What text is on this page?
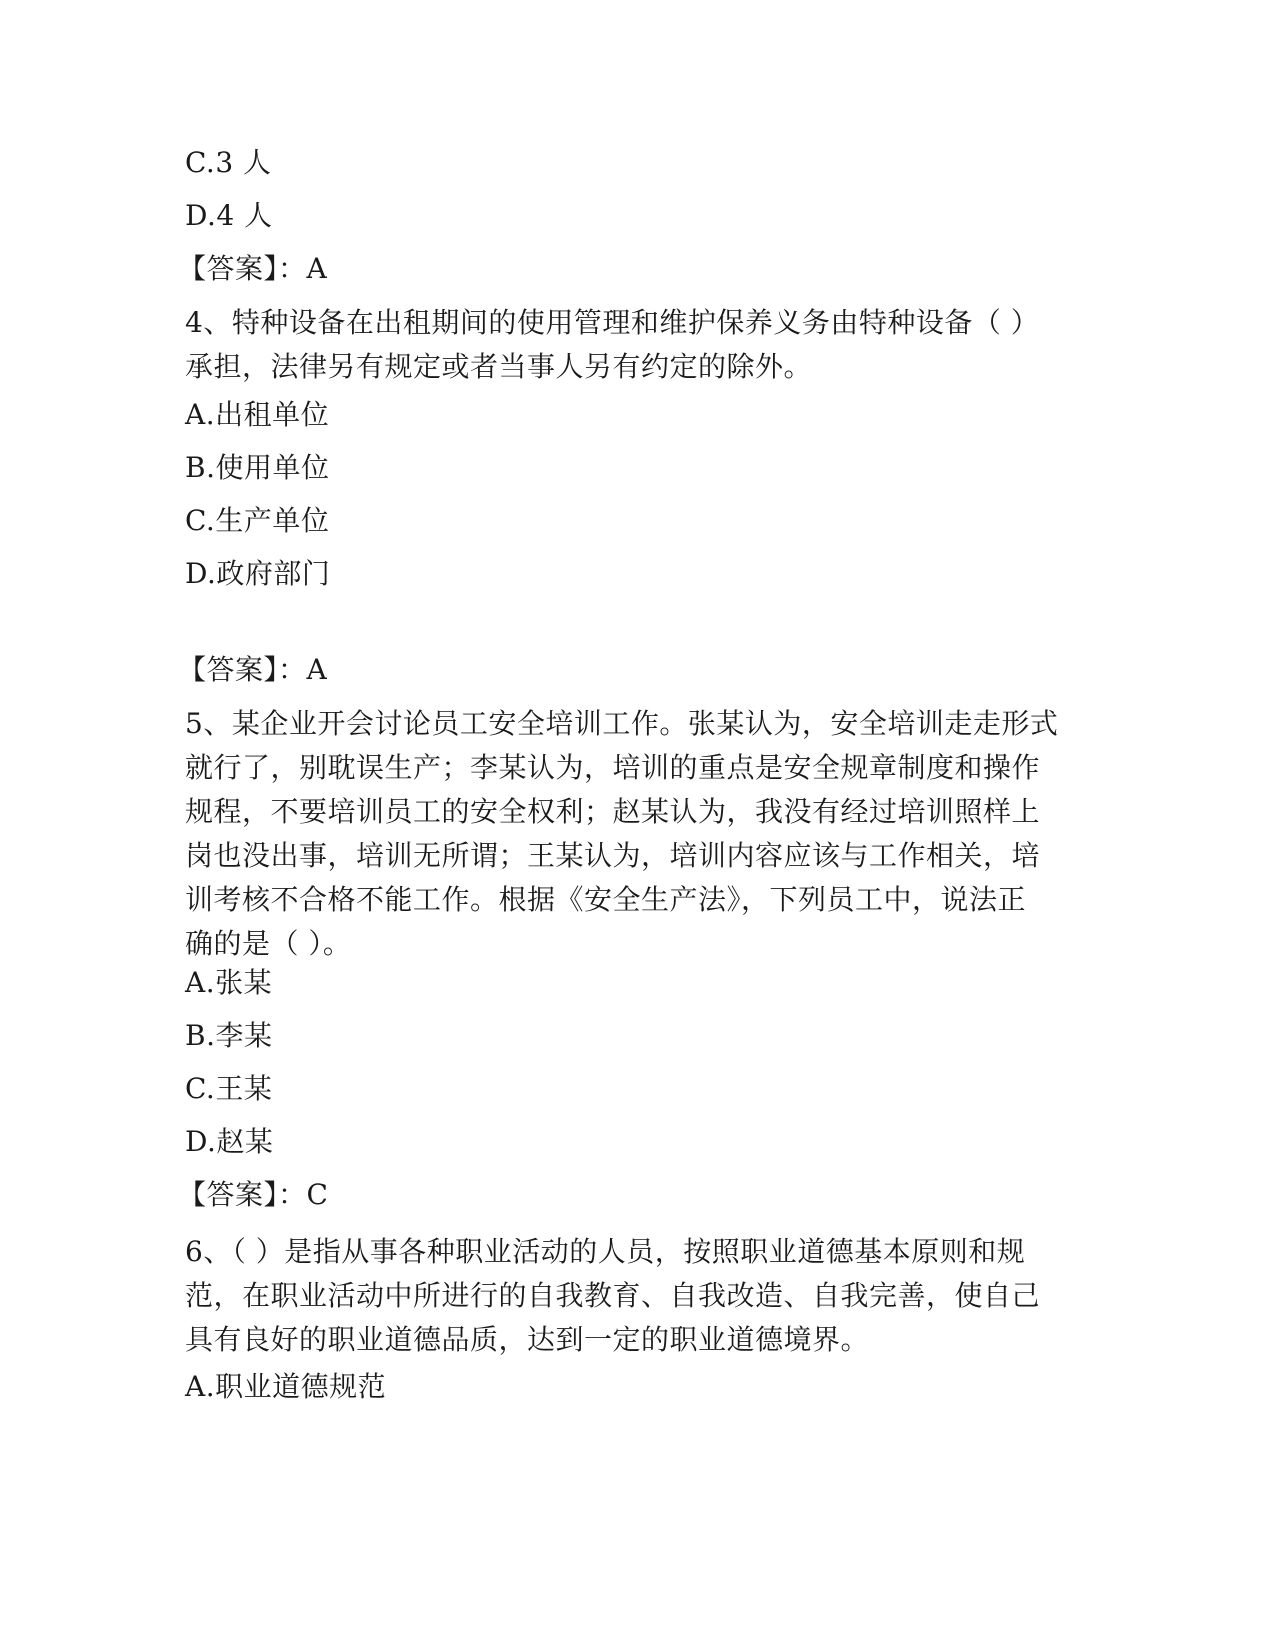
C.3 人
D.4 人
【答案】：A
4、特种设备在出租期间的使用管理和维护保养义务由特种设备（ ）
承担，法律另有规定或者当事人另有约定的除外。
A.出租单位
B.使用单位
C.生产单位
D.政府部门
【答案】：A
5、某企业开会讨论员工安全培训工作。张某认为，安全培训走走形式
就行了，别耽误生产；李某认为，培训的重点是安全规章制度和操作
规程，不要培训员工的安全权利；赵某认为，我没有经过培训照样上
岗也没出事，培训无所谓；王某认为，培训内容应该与工作相关，培
训考核不合格不能工作。根据《安全生产法》，下列员工中，说法正
确的是（ ）。
A.张某
B.李某
C.王某
D.赵某
【答案】：C
6、（ ）是指从事各种职业活动的人员，按照职业道德基本原则和规
范，在职业活动中所进行的自我教育、自我改造、自我完善，使自己
具有良好的职业道德品质，达到一定的职业道德境界。
A.职业道德规范
